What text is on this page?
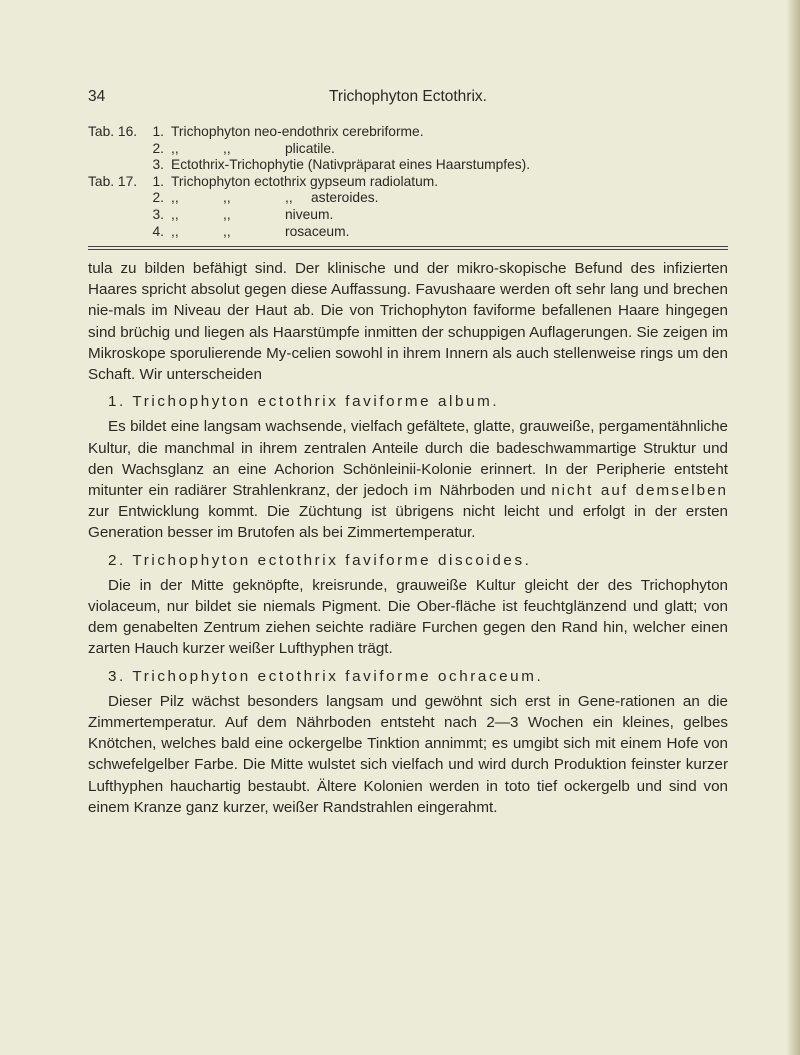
34	Trichophyton Ectothrix.
Tab. 16.	1. Trichophyton neo-endothrix cerebriforme.
2. ,,	,,	plicatile.
3. Ectothrix-Trichophytie (Nativpräparat eines Haarstumpfes).
Tab. 17.	1. Trichophyton ectothrix gypseum radiolatum.
2. ,,	,,	,, asteroides.
3. ,,	,,	niveum.
4. ,,	,,	rosaceum.

tula zu bilden befähigt sind. Der klinische und der mikro-skopische Befund des infizierten Haares spricht absolut gegen diese Auffassung. Favushaare werden oft sehr lang und brechen nie-mals im Niveau der Haut ab. Die von Trichophyton faviforme befallenen Haare hingegen sind brüchig und liegen als Haarstümpfe inmitten der schuppigen Auflagerungen. Sie zeigen im Mikroskope sporulierende My-celien sowohl in ihrem Innern als auch stellenweise rings um den Schaft. Wir unterscheiden

1. Trichophyton ectothrix faviforme album.

Es bildet eine langsam wachsende, vielfach gefältete, glatte, grauweiße, pergamentähnliche Kultur, die manchmal in ihrem zentralen Anteile durch die badeschwammartige Struktur und den Wachsglanz an eine Achorion Schönleinii-Kolonie erinnert. In der Peripherie entsteht mitunter ein radiärer Strahlenkranz, der jedoch im Nährboden und nicht auf demselben zur Entwicklung kommt. Die Züchtung ist übrigens nicht leicht und erfolgt in der ersten Generation besser im Brutofen als bei Zimmertemperatur.

2. Trichophyton ectothrix faviforme discoides.

Die in der Mitte geknöpfte, kreisrunde, grauweiße Kultur gleicht der des Trichophyton violaceum, nur bildet sie niemals Pigment. Die Ober-fläche ist feuchtglänzend und glatt; von dem genabelten Zentrum ziehen seichte radiäre Furchen gegen den Rand hin, welcher einen zarten Hauch kurzer weißer Lufthyphen trägt.

3. Trichophyton ectothrix faviforme ochraceum.

Dieser Pilz wächst besonders langsam und gewöhnt sich erst in Gene-rationen an die Zimmertemperatur. Auf dem Nährboden entsteht nach 2—3 Wochen ein kleines, gelbes Knötchen, welches bald eine ockergelbe Tinktion annimmt; es umgibt sich mit einem Hofe von schwefelgelber Farbe. Die Mitte wulstet sich vielfach und wird durch Produktion feinster kurzer Lufthyphen hauchartig bestaubt. Ältere Kolonien werden in toto tief ockergelb und sind von einem Kranze ganz kurzer, weißer Randstrahlen eingerahmt.
